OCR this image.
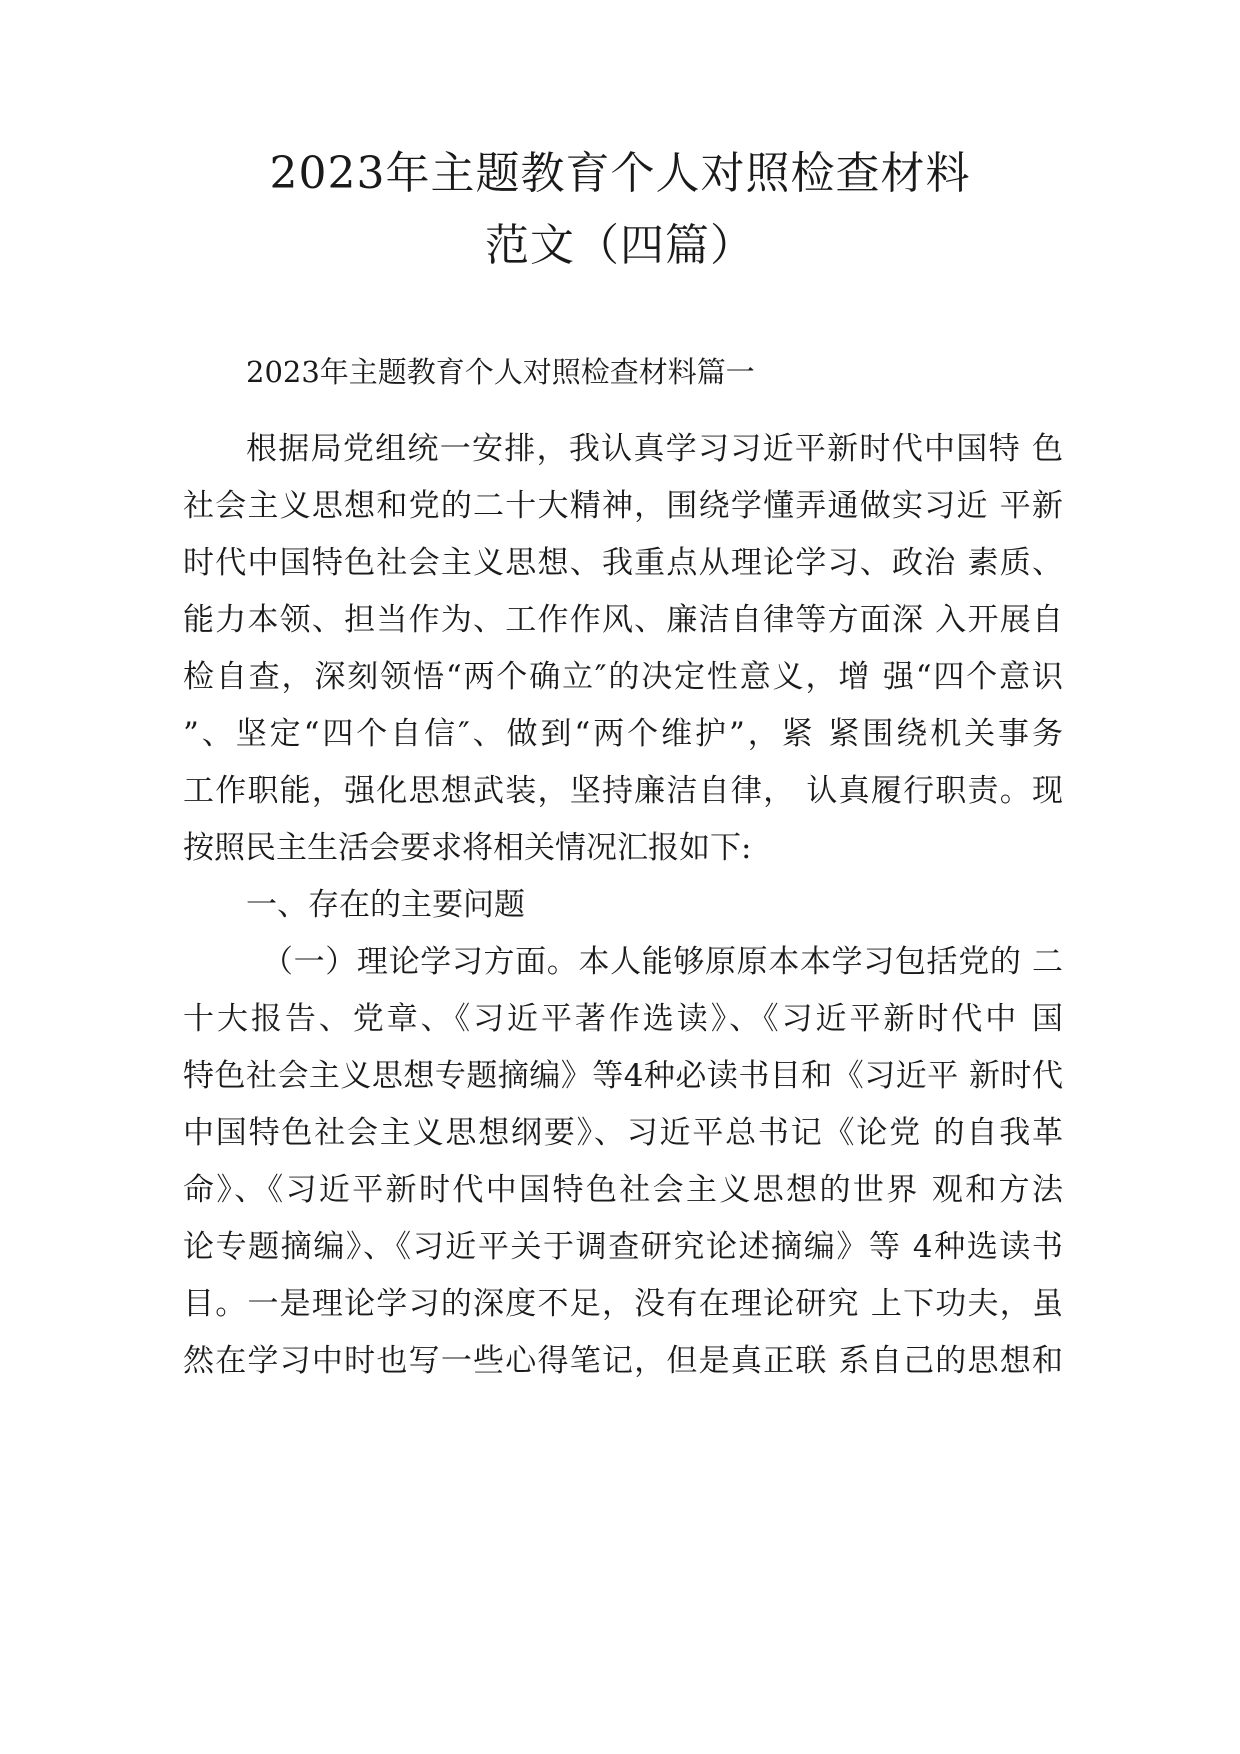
2023年主题教育个人对照检查材料
范文（四篇）
2023年主题教育个人对照检查材料篇一
根据局党组统一安排，我认真学习习近平新时代中国特 色
社会主义思想和党的二十大精神，围绕学懂弄通做实习近 平新
时代中国特色社会主义思想、我重点从理论学习、政治 素质、
能力本领、担当作为、工作作风、廉洁自律等方面深 入开展自
检自查，深刻领悟“两个确立″的决定性意义，增 强“四个意识
”、坚定“四个自信″、做到“两个维护”，紧 紧围绕机关事务
工作职能，强化思想武装，坚持廉洁自律， 认真履行职责。现
按照民主生活会要求将相关情况汇报如下:
一、存在的主要问题
（一）理论学习方面。本人能够原原本本学习包括党的 二
十大报告、党章、《习近平著作选读》、《习近平新时代中 国
特色社会主义思想专题摘编》等4种必读书目和《习近平 新时代
中国特色社会主义思想纲要》、习近平总书记《论党 的自我革
命》、《习近平新时代中国特色社会主义思想的世界 观和方法
论专题摘编》、《习近平关于调查研究论述摘编》等 4种选读书
目。一是理论学习的深度不足，没有在理论研究 上下功夫，虽
然在学习中时也写一些心得笔记，但是真正联 系自己的思想和
